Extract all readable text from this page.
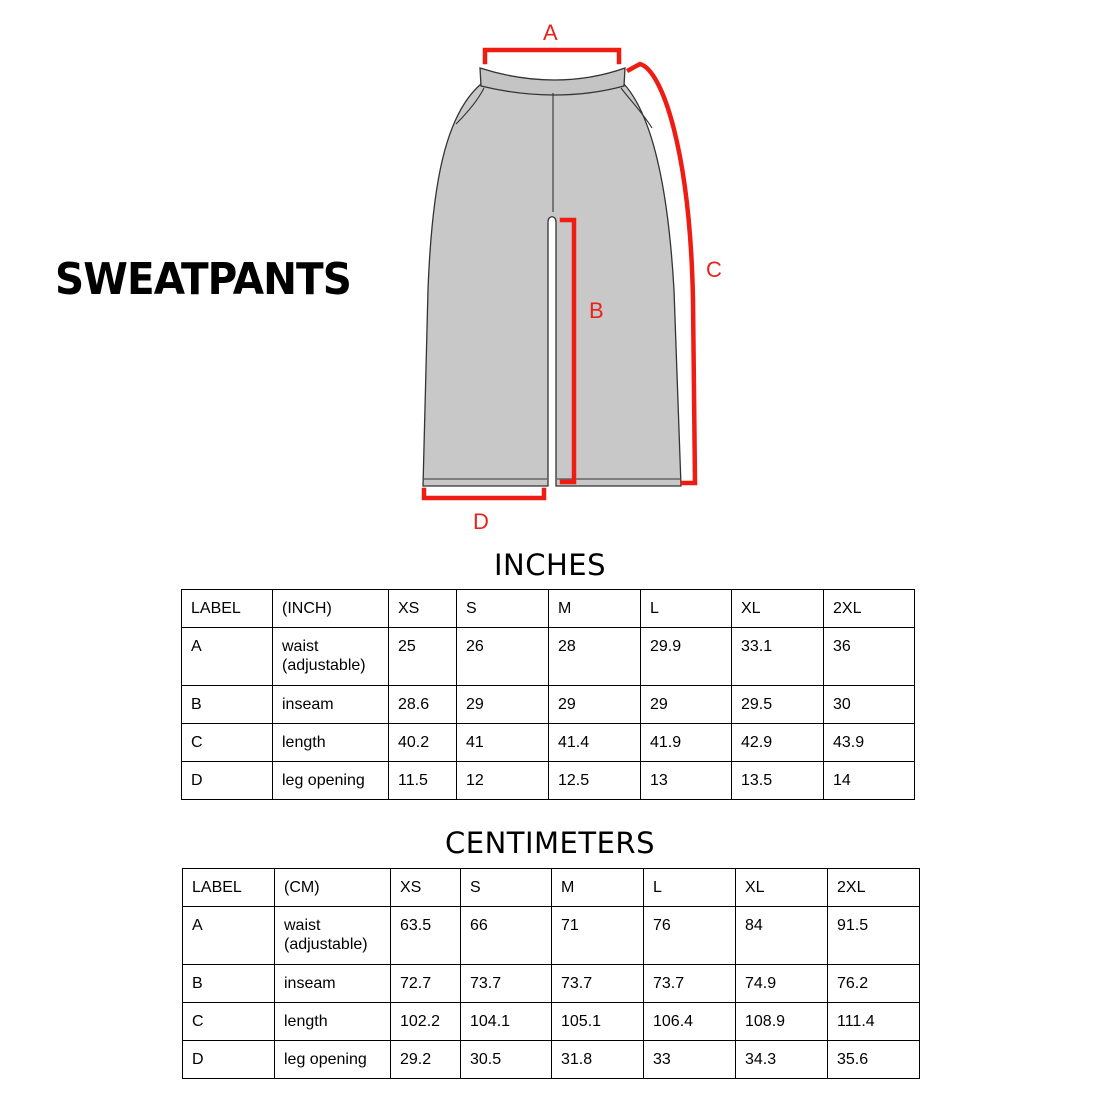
SWEATPANTS
A
B
C
D
INCHES
LABEL	(INCH)	XS	S	M	L	XL	2XL
A	waist (adjustable)	25	26	28	29.9	33.1	36
B	inseam	28.6	29	29	29	29.5	30
C	length	40.2	41	41.4	41.9	42.9	43.9
D	leg opening	11.5	12	12.5	13	13.5	14
CENTIMETERS
LABEL	(CM)	XS	S	M	L	XL	2XL
A	waist (adjustable)	63.5	66	71	76	84	91.5
B	inseam	72.7	73.7	73.7	73.7	74.9	76.2
C	length	102.2	104.1	105.1	106.4	108.9	111.4
D	leg opening	29.2	30.5	31.8	33	34.3	35.6
